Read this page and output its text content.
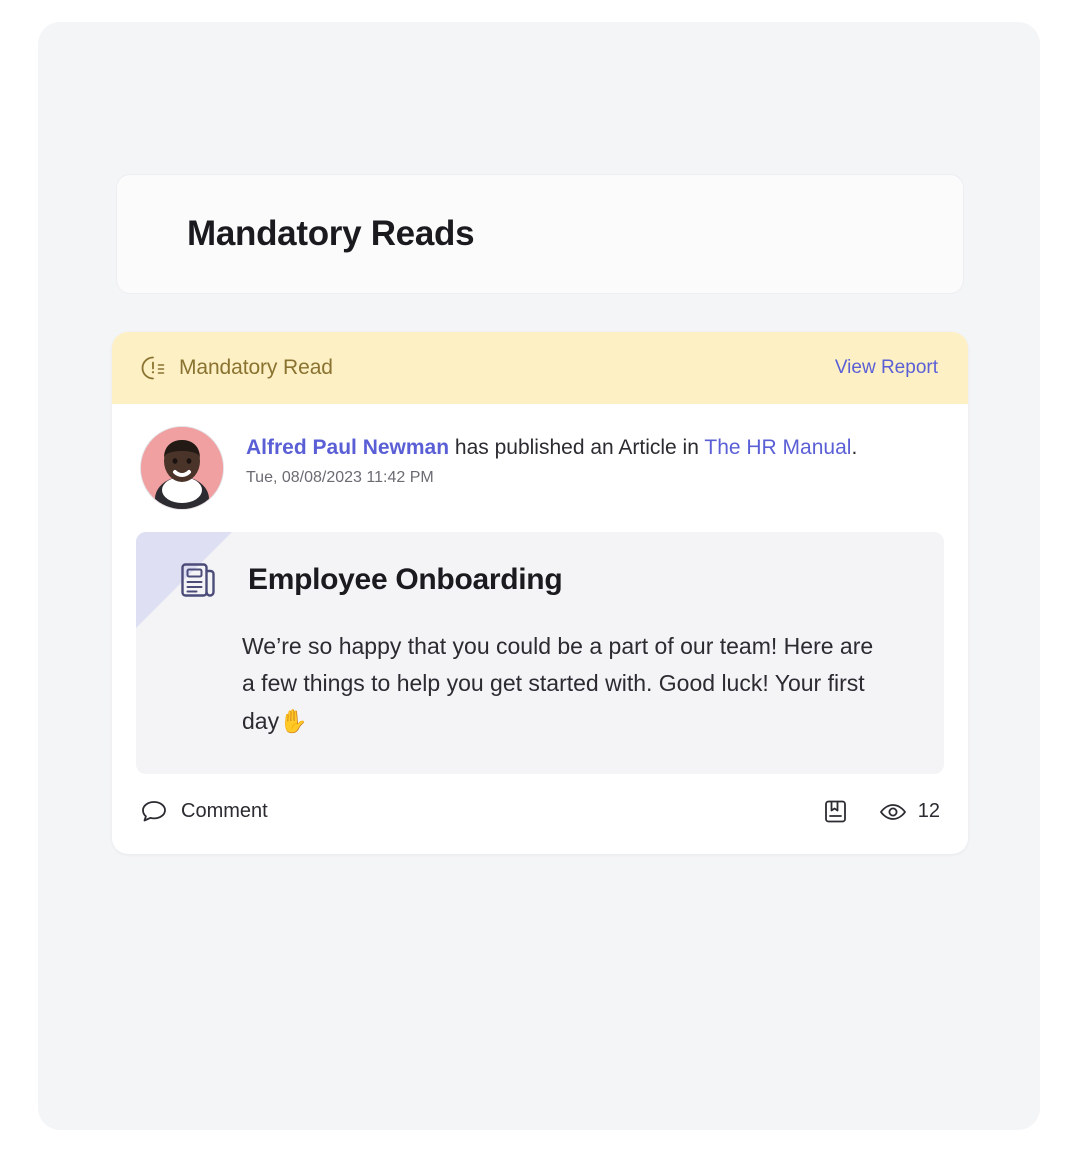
Mandatory Reads
Mandatory Read	View Report
Alfred Paul Newman has published an Article in The HR Manual.
Tue, 08/08/2023 11:42 PM
Employee Onboarding
We’re so happy that you could be a part of our team! Here are a few things to help you get started with. Good luck! Your first day✋
Comment	12
